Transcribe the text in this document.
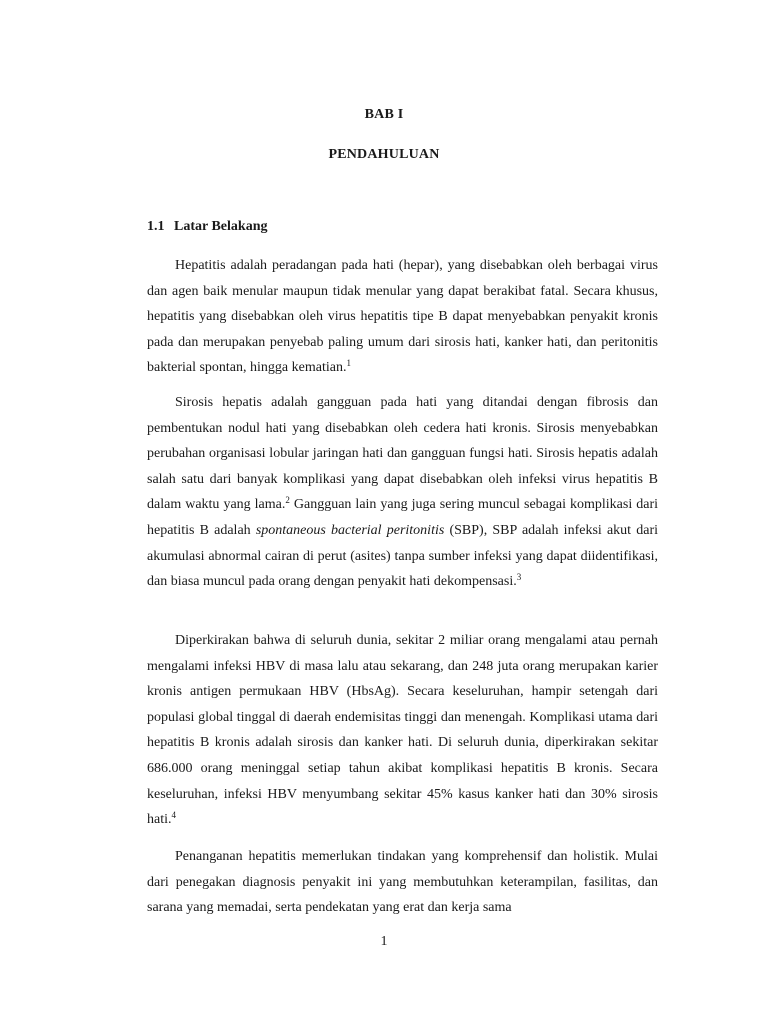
BAB I
PENDAHULUAN
1.1 Latar Belakang

Hepatitis adalah peradangan pada hati (hepar), yang disebabkan oleh berbagai virus dan agen baik menular maupun tidak menular yang dapat berakibat fatal. Secara khusus, hepatitis yang disebabkan oleh virus hepatitis tipe B dapat menyebabkan penyakit kronis pada dan merupakan penyebab paling umum dari sirosis hati, kanker hati, dan peritonitis bakterial spontan, hingga kematian.$^1$

Sirosis hepatis adalah gangguan pada hati yang ditandai dengan fibrosis dan pembentukan nodul hati yang disebabkan oleh cedera hati kronis. Sirosis menyebabkan perubahan organisasi lobular jaringan hati dan gangguan fungsi hati. Sirosis hepatis adalah salah satu dari banyak komplikasi yang dapat disebabkan oleh infeksi virus hepatitis B dalam waktu yang lama.$^2$ Gangguan lain yang juga sering muncul sebagai komplikasi dari hepatitis B adalah spontaneous bacterial peritonitis (SBP), SBP adalah infeksi akut dari akumulasi abnormal cairan di perut (asites) tanpa sumber infeksi yang dapat diidentifikasi, dan biasa muncul pada orang dengan penyakit hati dekompensasi.$^3$

Diperkirakan bahwa di seluruh dunia, sekitar 2 miliar orang mengalami atau pernah mengalami infeksi HBV di masa lalu atau sekarang, dan 248 juta orang merupakan karier kronis antigen permukaan HBV (HbsAg). Secara keseluruhan, hampir setengah dari populasi global tinggal di daerah endemisitas tinggi dan menengah. Komplikasi utama dari hepatitis B kronis adalah sirosis dan kanker hati. Di seluruh dunia, diperkirakan sekitar 686.000 orang meninggal setiap tahun akibat komplikasi hepatitis B kronis. Secara keseluruhan, infeksi HBV menyumbang sekitar 45% kasus kanker hati dan 30% sirosis hati.$^4$

Penanganan hepatitis memerlukan tindakan yang komprehensif dan holistik. Mulai dari penegakan diagnosis penyakit ini yang membutuhkan keterampilan, fasilitas, dan sarana yang memadai, serta pendekatan yang erat dan kerja sama

1
